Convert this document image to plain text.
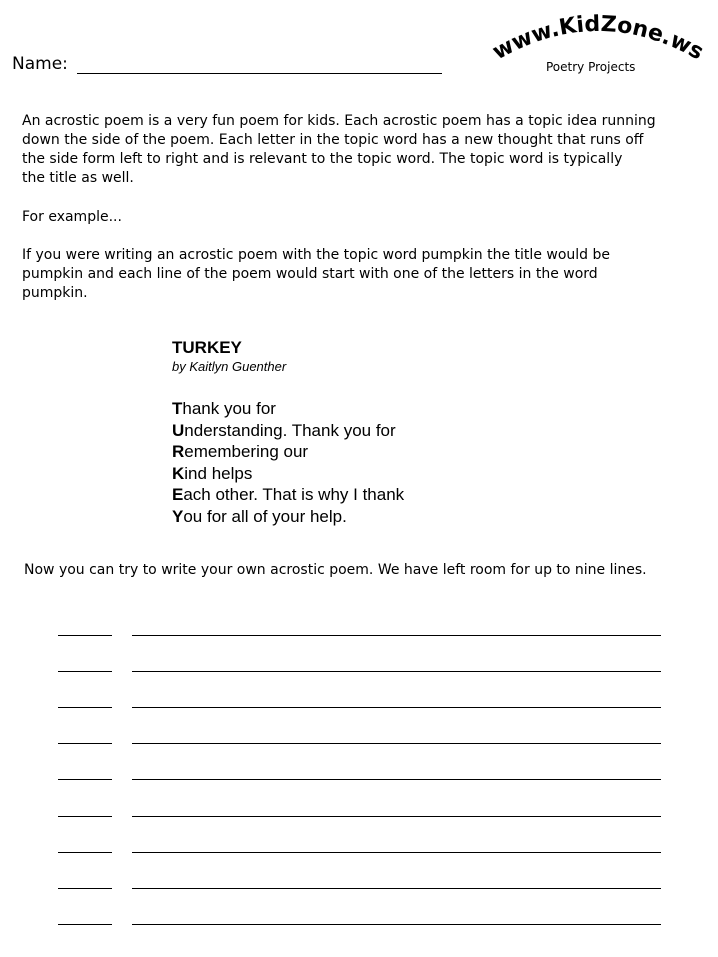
Name:	www.KidZone.ws
Poetry Projects
An acrostic poem is a very fun poem for kids. Each acrostic poem has a topic idea running
down the side of the poem. Each letter in the topic word has a new thought that runs off
the side form left to right and is relevant to the topic word. The topic word is typically
the title as well.
For example...
If you were writing an acrostic poem with the topic word pumpkin the title would be
pumpkin and each line of the poem would start with one of the letters in the word
pumpkin.
TURKEY
by Kaitlyn Guenther
Thank you for
Understanding. Thank you for
Remembering our
Kind helps
Each other. That is why I thank
You for all of your help.
Now you can try to write your own acrostic poem. We have left room for up to nine lines.
